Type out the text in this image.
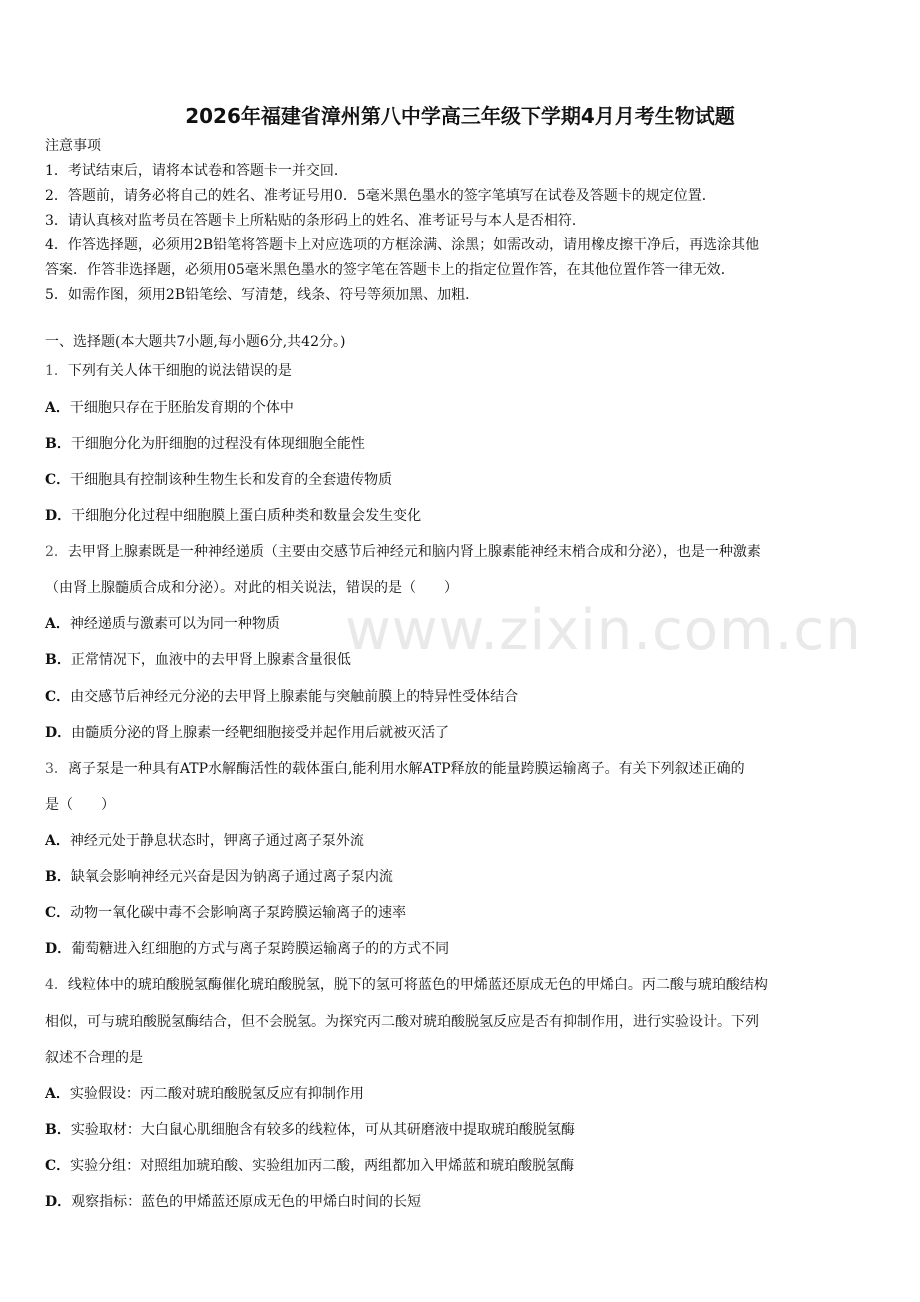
www.zixin.com.cn
2026年福建省漳州第八中学高三年级下学期4月月考生物试题
注意事项
1．考试结束后，请将本试卷和答题卡一并交回．
2．答题前，请务必将自己的姓名、准考证号用0．5毫米黑色墨水的签字笔填写在试卷及答题卡的规定位置．
3．请认真核对监考员在答题卡上所粘贴的条形码上的姓名、准考证号与本人是否相符．
4．作答选择题，必须用2B铅笔将答题卡上对应选项的方框涂满、涂黑；如需改动，请用橡皮擦干净后，再选涂其他
答案．作答非选择题，必须用05毫米黑色墨水的签字笔在答题卡上的指定位置作答，在其他位置作答一律无效．
5．如需作图，须用2B铅笔绘、写清楚，线条、符号等须加黑、加粗．
一、选择题(本大题共7小题,每小题6分,共42分。)
1．下列有关人体干细胞的说法错误的是
A．干细胞只存在于胚胎发育期的个体中
B．干细胞分化为肝细胞的过程没有体现细胞全能性
C．干细胞具有控制该种生物生长和发育的全套遗传物质
D．干细胞分化过程中细胞膜上蛋白质种类和数量会发生变化
2．去甲肾上腺素既是一种神经递质（主要由交感节后神经元和脑内肾上腺素能神经末梢合成和分泌），也是一种激素
（由肾上腺髓质合成和分泌）。对此的相关说法，错误的是（　　）
A．神经递质与激素可以为同一种物质
B．正常情况下，血液中的去甲肾上腺素含量很低
C．由交感节后神经元分泌的去甲肾上腺素能与突触前膜上的特异性受体结合
D．由髓质分泌的肾上腺素一经靶细胞接受并起作用后就被灭活了
3．离子泵是一种具有ATP水解酶活性的载体蛋白,能利用水解ATP释放的能量跨膜运输离子。有关下列叙述正确的
是（　　）
A．神经元处于静息状态时，钾离子通过离子泵外流
B．缺氧会影响神经元兴奋是因为钠离子通过离子泵内流
C．动物一氧化碳中毒不会影响离子泵跨膜运输离子的速率
D．葡萄糖进入红细胞的方式与离子泵跨膜运输离子的的方式不同
4．线粒体中的琥珀酸脱氢酶催化琥珀酸脱氢，脱下的氢可将蓝色的甲烯蓝还原成无色的甲烯白。丙二酸与琥珀酸结构
相似，可与琥珀酸脱氢酶结合，但不会脱氢。为探究丙二酸对琥珀酸脱氢反应是否有抑制作用，进行实验设计。下列
叙述不合理的是
A．实验假设：丙二酸对琥珀酸脱氢反应有抑制作用
B．实验取材：大白鼠心肌细胞含有较多的线粒体，可从其研磨液中提取琥珀酸脱氢酶
C．实验分组：对照组加琥珀酸、实验组加丙二酸，两组都加入甲烯蓝和琥珀酸脱氢酶
D．观察指标：蓝色的甲烯蓝还原成无色的甲烯白时间的长短
